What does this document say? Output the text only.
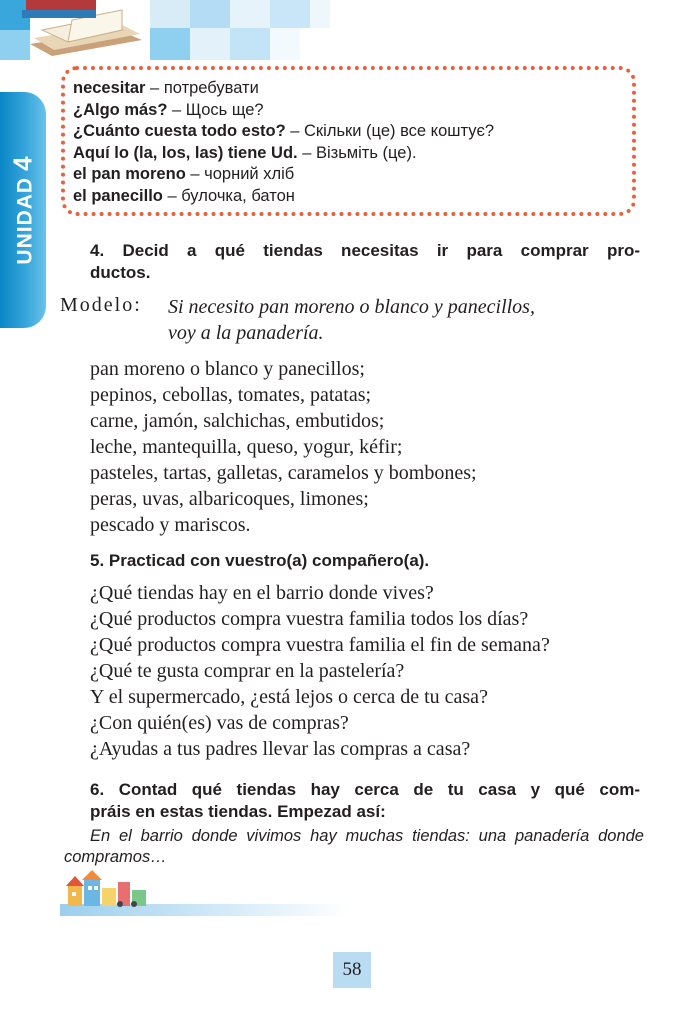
UNIDAD4
necesitar – потребувати
¿Algo más? – Щось ще?
¿Cuánto cuesta todo esto? – Скільки (це) все коштує?
Aquí lo (la, los, las) tiene Ud. – Візьміть (це).
el pan moreno – чорний хліб
el panecillo – булочка, батон
4. Decid a qué tiendas necesitas ir para comprar pro-
ductos.
Modelo: Si necesito pan moreno o blanco y panecillos,
voy a la panadería.
pan moreno o blanco y panecillos;
pepinos, cebollas, tomates, patatas;
carne, jamón, salchichas, embutidos;
leche, mantequilla, queso, yogur, kéfir;
pasteles, tartas, galletas, caramelos y bombones;
peras, uvas, albaricoques, limones;
pescado y mariscos.
5. Practicad con vuestro(a) compañero(a).
¿Qué tiendas hay en el barrio donde vives?
¿Qué productos compra vuestra familia todos los días?
¿Qué productos compra vuestra familia el fin de semana?
¿Qué te gusta comprar en la pastelería?
Y el supermercado, ¿está lejos o cerca de tu casa?
¿Con quién(es) vas de compras?
¿Ayudas a tus padres llevar las compras a casa?
6. Contad qué tiendas hay cerca de tu casa y qué com-
práis en estas tiendas. Empezad así:
En el barrio donde vivimos hay muchas tiendas: una panadería donde compramos…
58
